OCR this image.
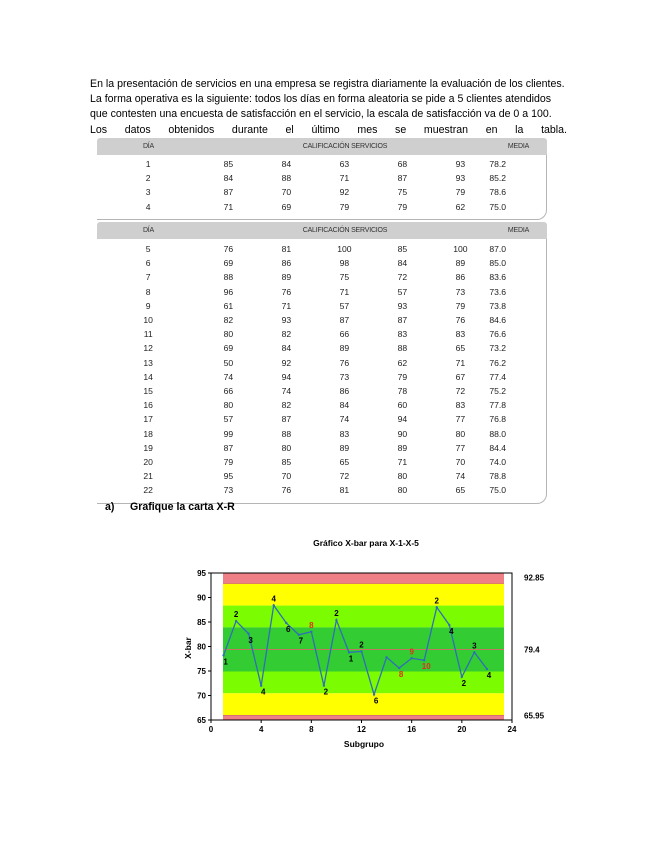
En la presentación de servicios en una empresa se registra diariamente la evaluación de los clientes.
La forma operativa es la siguiente: todos los días en forma aleatoria se pide a 5 clientes atendidos
que contesten una encuesta de satisfacción en el servicio, la escala de satisfacción va de 0 a 100.
Los datos obtenidos durante el último mes se muestran en la tabla.
DÍA	CALIFICACIÓN SERVICIOS	MEDIA
1	85	84	63	68	93	78.2
2	84	88	71	87	93	85.2
3	87	70	92	75	79	78.6
4	71	69	79	79	62	75.0
DÍA	CALIFICACIÓN SERVICIOS	MEDIA
5	76	81	100	85	100	87.0
6	69	86	98	84	89	85.0
7	88	89	75	72	86	83.6
8	96	76	71	57	73	73.6
9	61	71	57	93	79	73.8
10	82	93	87	87	76	84.6
11	80	82	66	83	83	76.6
12	69	84	89	88	65	73.2
13	50	92	76	62	71	76.2
14	74	94	73	79	67	77.4
15	66	74	86	78	72	75.2
16	80	82	84	60	83	77.8
17	57	87	74	94	77	76.8
18	99	88	83	90	80	88.0
19	87	80	89	89	77	84.4
20	79	85	65	71	70	74.0
21	95	70	72	80	74	78.8
22	73	76	81	80	65	75.0
a) Grafique la carta X-R
Gráfico X-bar para X-1-X-5
65
70
75
80
85
90
95
0	4	8	12	16	20	24
1
2
3
4
4
6
7
8
2
2
1
2
6
8
9
10
2
4
2
3
4
92.85
79.4
65.95
Subgrupo
X-bar
